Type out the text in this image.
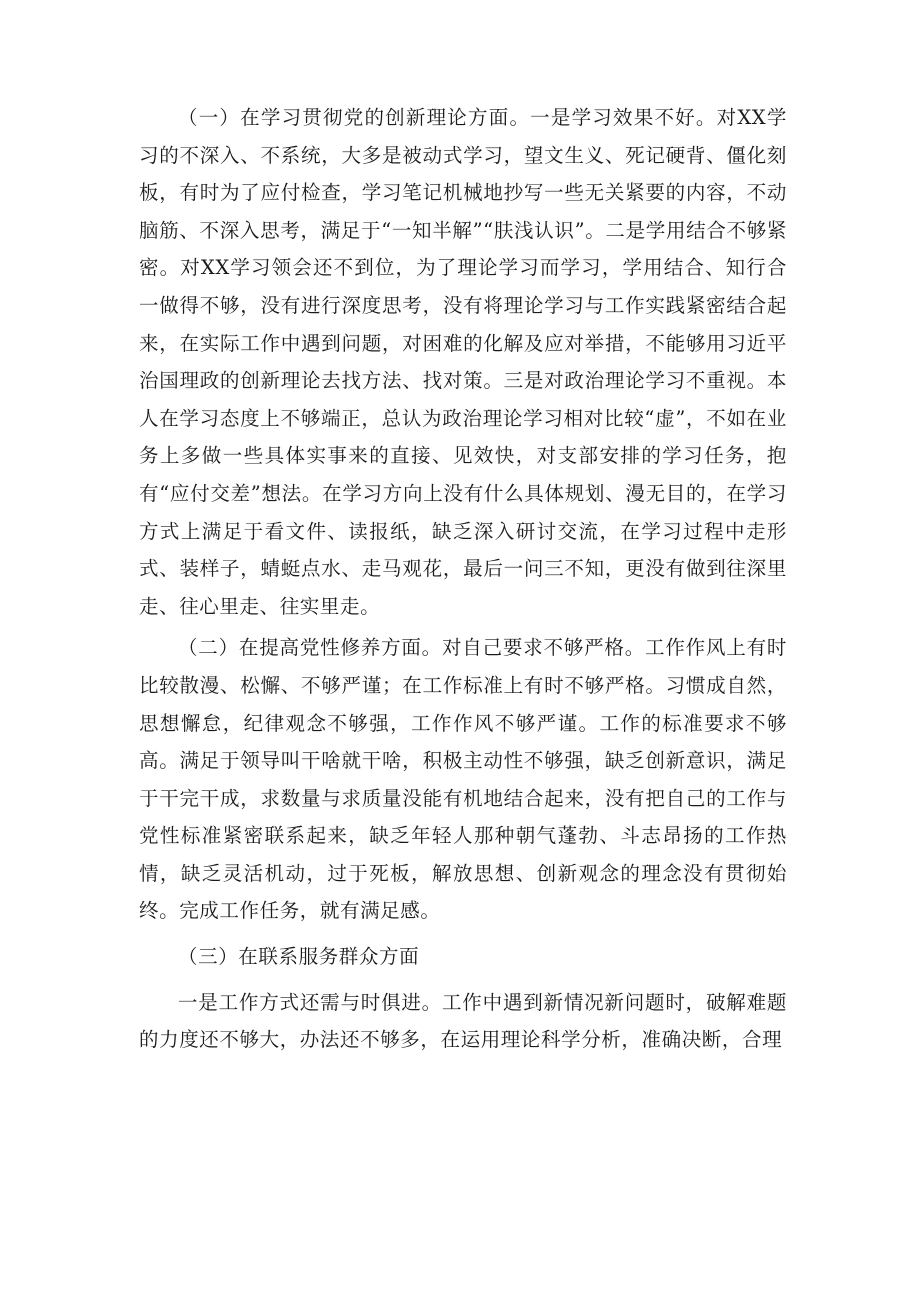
（一）在学习贯彻党的创新理论方面。一是学习效果不好。对XX学习的不深入、不系统，大多是被动式学习，望文生义、死记硬背、僵化刻板，有时为了应付检查，学习笔记机械地抄写一些无关紧要的内容，不动脑筋、不深入思考，满足于“一知半解”“肤浅认识”。二是学用结合不够紧密。对XX学习领会还不到位，为了理论学习而学习，学用结合、知行合一做得不够，没有进行深度思考，没有将理论学习与工作实践紧密结合起来，在实际工作中遇到问题，对困难的化解及应对举措，不能够用习近平治国理政的创新理论去找方法、找对策。三是对政治理论学习不重视。本人在学习态度上不够端正，总认为政治理论学习相对比较“虚”，不如在业务上多做一些具体实事来的直接、见效快，对支部安排的学习任务，抱有“应付交差”想法。在学习方向上没有什么具体规划、漫无目的，在学习方式上满足于看文件、读报纸，缺乏深入研讨交流，在学习过程中走形式、装样子，蜻蜓点水、走马观花，最后一问三不知，更没有做到往深里走、往心里走、往实里走。

（二）在提高党性修养方面。对自己要求不够严格。工作作风上有时比较散漫、松懈、不够严谨；在工作标准上有时不够严格。习惯成自然，思想懈怠，纪律观念不够强，工作作风不够严谨。工作的标准要求不够高。满足于领导叫干啥就干啥，积极主动性不够强，缺乏创新意识，满足于干完干成，求数量与求质量没能有机地结合起来，没有把自己的工作与党性标准紧密联系起来，缺乏年轻人那种朝气蓬勃、斗志昂扬的工作热情，缺乏灵活机动，过于死板，解放思想、创新观念的理念没有贯彻始终。完成工作任务，就有满足感。

（三）在联系服务群众方面

一是工作方式还需与时俱进。工作中遇到新情况新问题时，破解难题的力度还不够大，办法还不够多，在运用理论科学分析，准确决断，合理
